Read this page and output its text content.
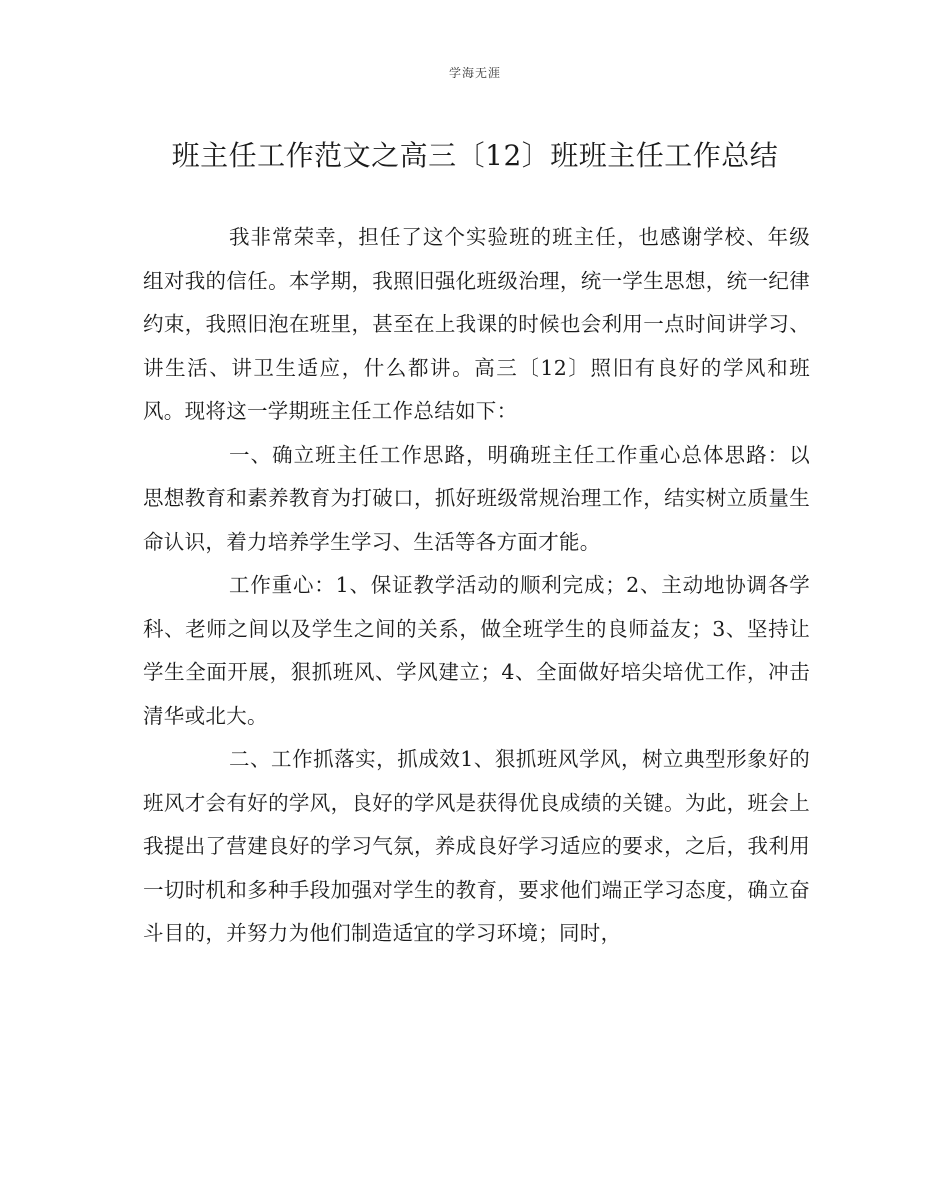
学海无涯
班主任工作范文之高三〔12〕班班主任工作总结

我非常荣幸，担任了这个实验班的班主任，也感谢学校、年级组对我的信任。本学期，我照旧强化班级治理，统一学生思想，统一纪律约束，我照旧泡在班里，甚至在上我课的时候也会利用一点时间讲学习、讲生活、讲卫生适应，什么都讲。高三〔12〕照旧有良好的学风和班风。现将这一学期班主任工作总结如下：

一、确立班主任工作思路，明确班主任工作重心总体思路：以思想教育和素养教育为打破口，抓好班级常规治理工作，结实树立质量生命认识，着力培养学生学习、生活等各方面才能。

工作重心：1、保证教学活动的顺利完成；2、主动地协调各学科、老师之间以及学生之间的关系，做全班学生的良师益友；3、坚持让学生全面开展，狠抓班风、学风建立；4、全面做好培尖培优工作，冲击清华或北大。

二、工作抓落实，抓成效1、狠抓班风学风，树立典型形象好的班风才会有好的学风，良好的学风是获得优良成绩的关键。为此，班会上我提出了营建良好的学习气氛，养成良好学习适应的要求，之后，我利用一切时机和多种手段加强对学生的教育，要求他们端正学习态度，确立奋斗目的，并努力为他们制造适宜的学习环境；同时，
